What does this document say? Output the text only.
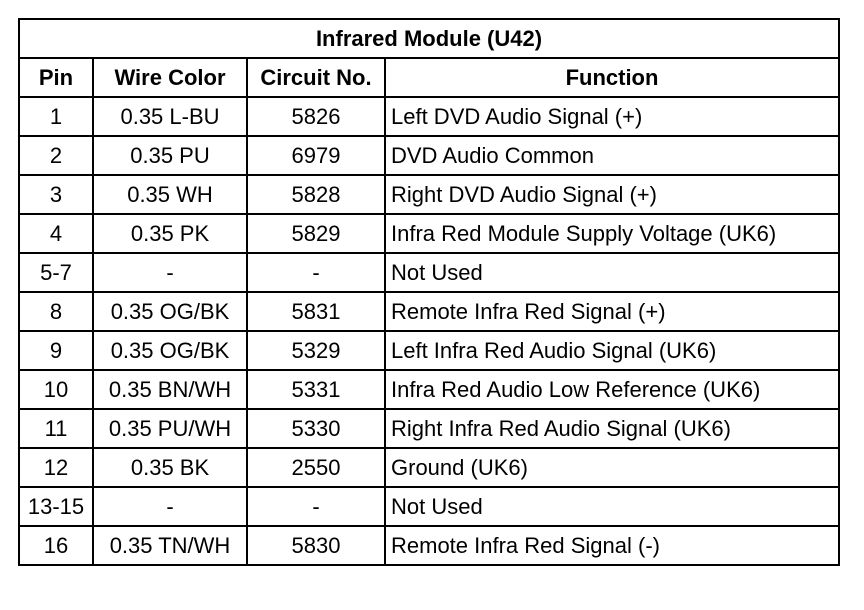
Infrared Module (U42)			
Pin	Wire Color	Circuit No.	Function
1	0.35 L-BU	5826	Left DVD Audio Signal (+)
2	0.35 PU	6979	DVD Audio Common
3	0.35 WH	5828	Right DVD Audio Signal (+)
4	0.35 PK	5829	Infra Red Module Supply Voltage (UK6)
5-7	-	-	Not Used
8	0.35 OG/BK	5831	Remote Infra Red Signal (+)
9	0.35 OG/BK	5329	Left Infra Red Audio Signal (UK6)
10	0.35 BN/WH	5331	Infra Red Audio Low Reference (UK6)
11	0.35 PU/WH	5330	Right Infra Red Audio Signal (UK6)
12	0.35 BK	2550	Ground (UK6)
13-15	-	-	Not Used
16	0.35 TN/WH	5830	Remote Infra Red Signal (-)
